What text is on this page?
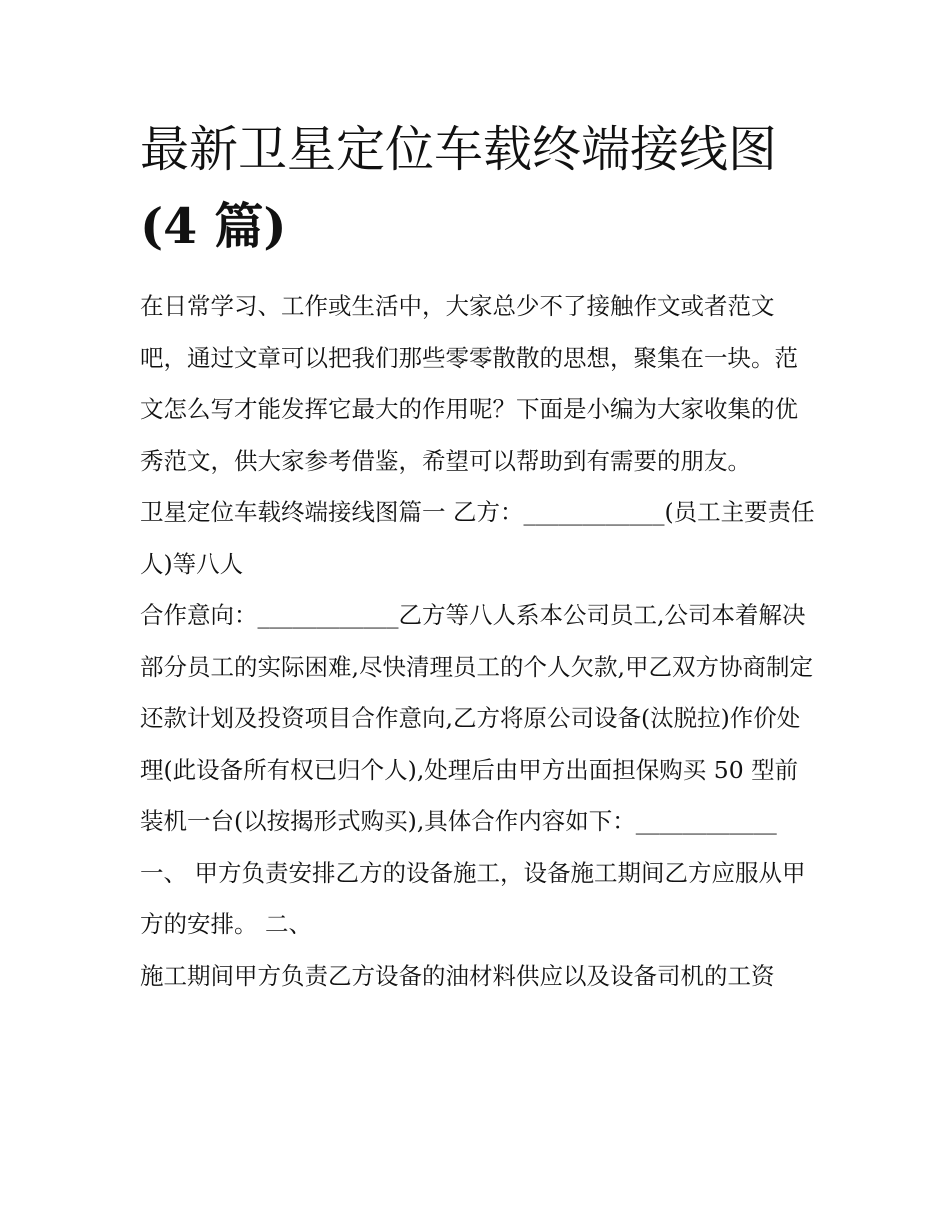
最新卫星定位车载终端接线图
(4 篇)

在日常学习、工作或生活中，大家总少不了接触作文或者范文吧，通过文章可以把我们那些零零散散的思想，聚集在一块。范文怎么写才能发挥它最大的作用呢？下面是小编为大家收集的优秀范文，供大家参考借鉴，希望可以帮助到有需要的朋友。

卫星定位车载终端接线图篇一 乙方：____________(员工主要责任人)等八人

合作意向：____________乙方等八人系本公司员工,公司本着解决部分员工的实际困难,尽快清理员工的个人欠款,甲乙双方协商制定还款计划及投资项目合作意向,乙方将原公司设备(汰脱拉)作价处理(此设备所有权已归个人),处理后由甲方出面担保购买 50 型前装机一台(以按揭形式购买),具体合作内容如下：____________

一、 甲方负责安排乙方的设备施工，设备施工期间乙方应服从甲方的安排。 二、

施工期间甲方负责乙方设备的油材料供应以及设备司机的工资
